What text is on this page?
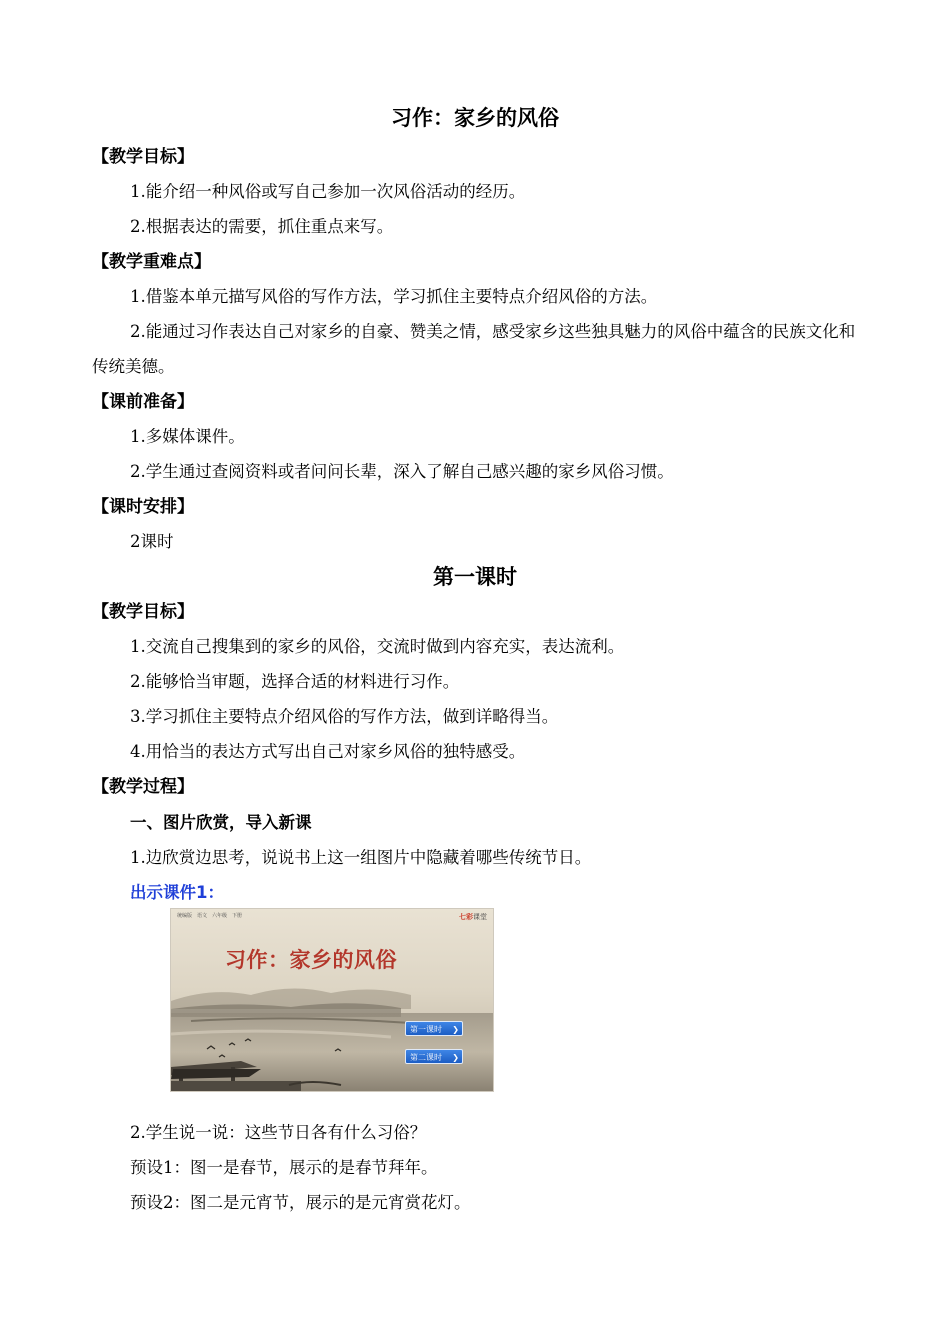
习作：家乡的风俗
【教学目标】
1.能介绍一种风俗或写自己参加一次风俗活动的经历。
2.根据表达的需要，抓住重点来写。
【教学重难点】
1.借鉴本单元描写风俗的写作方法，学习抓住主要特点介绍风俗的方法。
2.能通过习作表达自己对家乡的自豪、赞美之情，感受家乡这些独具魅力的风俗中蕴含的民族文化和传统美德。
【课前准备】
1.多媒体课件。
2.学生通过查阅资料或者问问长辈，深入了解自己感兴趣的家乡风俗习惯。
【课时安排】
2课时
第一课时
【教学目标】
1.交流自己搜集到的家乡的风俗，交流时做到内容充实，表达流利。
2.能够恰当审题，选择合适的材料进行习作。
3.学习抓住主要特点介绍风俗的写作方法，做到详略得当。
4.用恰当的表达方式写出自己对家乡风俗的独特感受。
【教学过程】
一、图片欣赏，导入新课
1.边欣赏边思考，说说书上这一组图片中隐藏着哪些传统节日。
出示课件1：
统编版　语文　六年级　下册	七彩课堂
习作：家乡的风俗
第一课时 ❯
第二课时 ❯
2.学生说一说：这些节日各有什么习俗？
预设1：图一是春节，展示的是春节拜年。
预设2：图二是元宵节，展示的是元宵赏花灯。
